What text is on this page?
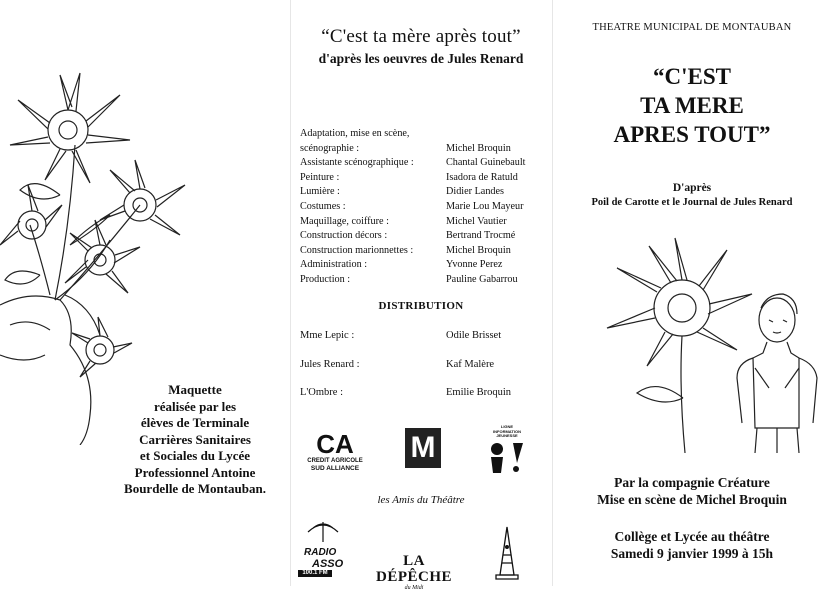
Maquette
réalisée par les
élèves de Terminale
Carrières Sanitaires
et Sociales du Lycée
Professionnel Antoine
Bourdelle de Montauban.
“C'est ta mère après tout”
d'après les oeuvres de Jules Renard
Adaptation, mise en scène,
scénographie :	Michel Broquin
Assistante scénographique :	Chantal Guinebault
Peinture :	Isadora de Ratuld
Lumière :	Didier Landes
Costumes :	Marie Lou Mayeur
Maquillage, coiffure :	Michel Vautier
Construction décors :	Bertrand Trocmé
Construction marionnettes :	Michel Broquin
Administration :	Yvonne Perez
Production :	Pauline Gabarrou
DISTRIBUTION
Mme Lepic :	Odile Brisset
Jules Renard :	Kaf Malère
L'Ombre :	Emilie Broquin
CA
CREDIT AGRICOLE
SUD ALLIANCE
M
LIGNE
INFORMATION
JEUNESSE
les Amis du Théâtre
RADIO
ASSO
100.1 FM
LA DÉPÊCHE
du Midi
THEATRE MUNICIPAL DE MONTAUBAN
“C'EST
TA MERE
APRES TOUT”
D'après
Poil de Carotte et le Journal de Jules Renard
Par la compagnie Créature
Mise en scène de Michel Broquin
Collège et Lycée au théâtre
Samedi 9 janvier 1999 à 15h
